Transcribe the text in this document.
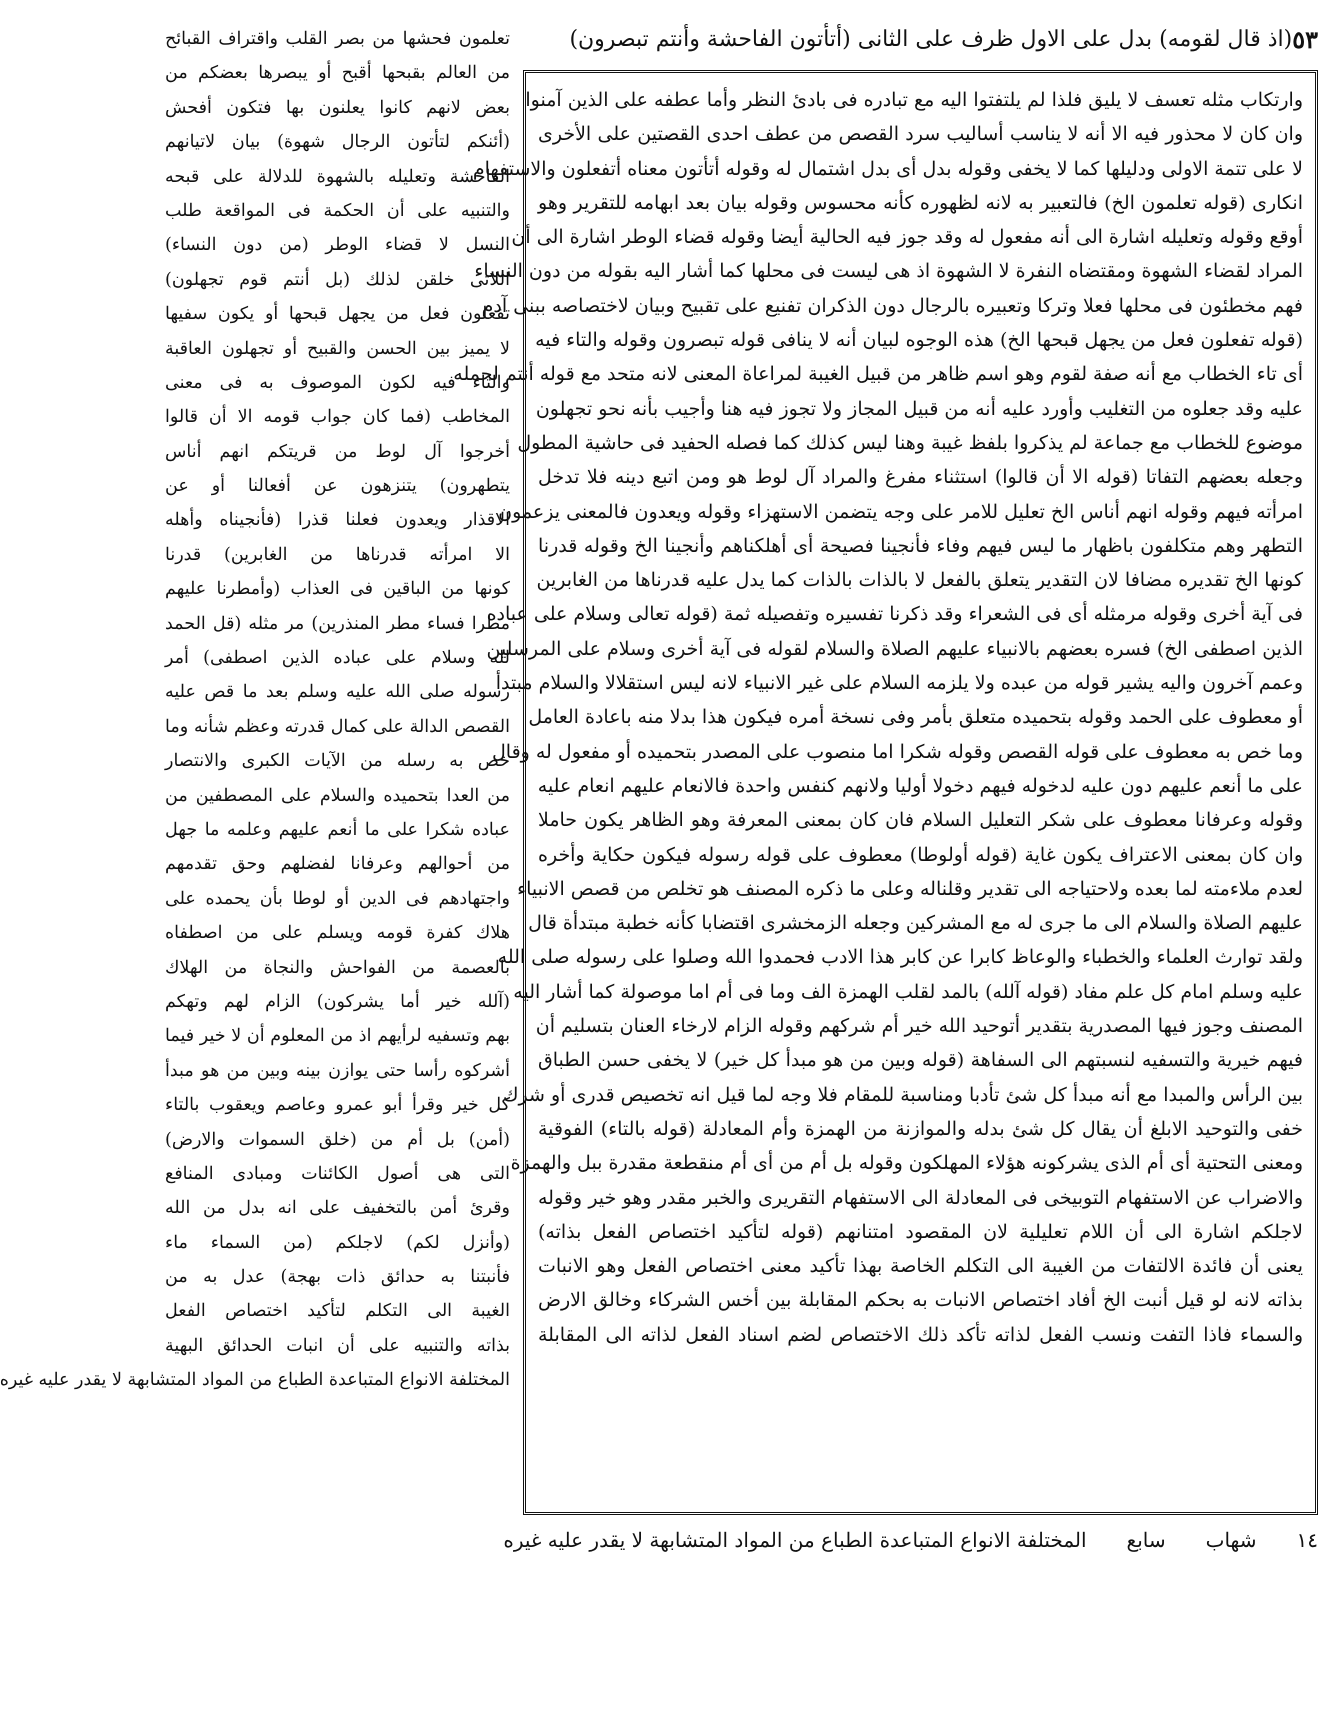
٥٣
(اذ قال لقومه) بدل على الاول ظرف على الثانى (أتأتون الفاحشة وأنتم تبصرون)
تعلمون فحشها من بصر القلب واقتراف القبائح
من العالم بقبحها أقبح أو يبصرها بعضكم من
بعض لانهم كانوا يعلنون بها فتكون أفحش
(أئنكم لتأتون الرجال شهوة) بيان لاتيانهم
الفاحشة وتعليله بالشهوة للدلالة على قبحه
والتنبيه على أن الحكمة فى المواقعة طلب
النسل لا قضاء الوطر (من دون النساء)
اللاتى خلقن لذلك (بل أنتم قوم تجهلون)
تفعلون فعل من يجهل قبحها أو يكون سفيها
لا يميز بين الحسن والقبيح أو تجهلون العاقبة
والتاء فيه لكون الموصوف به فى معنى
المخاطب (فما كان جواب قومه الا أن قالوا
أخرجوا آل لوط من قريتكم انهم أناس
يتطهرون) يتنزهون عن أفعالنا أو عن
الاقذار ويعدون فعلنا قذرا (فأنجيناه وأهله
الا امرأته قدرناها من الغابرين) قدرنا
كونها من الباقين فى العذاب (وأمطرنا عليهم
مطرا فساء مطر المنذرين) مر مثله (قل الحمد
لله وسلام على عباده الذين اصطفى) أمر
رسوله صلى الله عليه وسلم بعد ما قص عليه
القصص الدالة على كمال قدرته وعظم شأنه وما
خص به رسله من الآيات الكبرى والانتصار
من العدا بتحميده والسلام على المصطفين من
عباده شكرا على ما أنعم عليهم وعلمه ما جهل
من أحوالهم وعرفانا لفضلهم وحق تقدمهم
واجتهادهم فى الدين أو لوطا بأن يحمده على
هلاك كفرة قومه ويسلم على من اصطفاه
بالعصمة من الفواحش والنجاة من الهلاك
(آلله خير أما يشركون) الزام لهم وتهكم
بهم وتسفيه لرأيهم اذ من المعلوم أن لا خير فيما
أشركوه رأسا حتى يوازن بينه وبين من هو مبدأ
كل خير وقرأ أبو عمرو وعاصم ويعقوب بالتاء
(أمن) بل أم من (خلق السموات والارض)
التى هى أصول الكائنات ومبادى المنافع
وقرئ أمن بالتخفيف على انه بدل من الله
(وأنزل لكم) لاجلكم (من السماء ماء
فأنبتنا به حدائق ذات بهجة) عدل به من
الغيبة الى التكلم لتأكيد اختصاص الفعل
بذاته والتنبيه على أن انبات الحدائق البهية
المختلفة الانواع المتباعدة الطباع من المواد المتشابهة لا يقدر عليه غيره
وارتكاب مثله تعسف لا يليق فلذا لم يلتفتوا اليه مع تبادره فى بادئ النظر وأما عطفه على الذين آمنوا
وان كان لا محذور فيه الا أنه لا يناسب أساليب سرد القصص من عطف احدى القصتين على الأخرى
لا على تتمة الاولى ودليلها كما لا يخفى وقوله بدل أى بدل اشتمال له وقوله أتأتون معناه أتفعلون والاستفهام
انكارى (قوله تعلمون الخ) فالتعبير به لانه لظهوره كأنه محسوس وقوله بيان بعد ابهامه للتقرير وهو
أوقع وقوله وتعليله اشارة الى أنه مفعول له وقد جوز فيه الحالية أيضا وقوله قضاء الوطر اشارة الى أن
المراد لقضاء الشهوة ومقتضاه النفرة لا الشهوة اذ هى ليست فى محلها كما أشار اليه بقوله من دون النساء
فهم مخطئون فى محلها فعلا وتركا وتعبيره بالرجال دون الذكران تفنيع على تقبيح وبيان لاختصاصه ببنى آدم
(قوله تفعلون فعل من يجهل قبحها الخ) هذه الوجوه لبيان أنه لا ينافى قوله تبصرون وقوله والتاء فيه
أى تاء الخطاب مع أنه صفة لقوم وهو اسم ظاهر من قبيل الغيبة لمراعاة المعنى لانه متحد مع قوله أنتم لحمله
عليه وقد جعلوه من التغليب وأورد عليه أنه من قبيل المجاز ولا تجوز فيه هنا وأجيب بأنه نحو تجهلون
موضوع للخطاب مع جماعة لم يذكروا بلفظ غيبة وهنا ليس كذلك كما فصله الحفيد فى حاشية المطول
وجعله بعضهم التفاتا (قوله الا أن قالوا) استثناء مفرغ والمراد آل لوط هو ومن اتبع دينه فلا تدخل
امرأته فيهم وقوله انهم أناس الخ تعليل للامر على وجه يتضمن الاستهزاء وقوله ويعدون فالمعنى يزعمون
التطهر وهم متكلفون باظهار ما ليس فيهم وفاء فأنجينا فصيحة أى أهلكناهم وأنجينا الخ وقوله قدرنا
كونها الخ تقديره مضافا لان التقدير يتعلق بالفعل لا بالذات بالذات كما يدل عليه قدرناها من الغابرين
فى آية أخرى وقوله مرمثله أى فى الشعراء وقد ذكرنا تفسيره وتفصيله ثمة (قوله تعالى وسلام على عباده
الذين اصطفى الخ) فسره بعضهم بالانبياء عليهم الصلاة والسلام لقوله فى آية أخرى وسلام على المرسلين
وعمم آخرون واليه يشير قوله من عبده ولا يلزمه السلام على غير الانبياء لانه ليس استقلالا والسلام مبتدأ
أو معطوف على الحمد وقوله بتحميده متعلق بأمر وفى نسخة أمره فيكون هذا بدلا منه باعادة العامل
وما خص به معطوف على قوله القصص وقوله شكرا اما منصوب على المصدر بتحميده أو مفعول له وقال
على ما أنعم عليهم دون عليه لدخوله فيهم دخولا أوليا ولانهم كنفس واحدة فالانعام عليهم انعام عليه
وقوله وعرفانا معطوف على شكر التعليل السلام فان كان بمعنى المعرفة وهو الظاهر يكون حاملا
وان كان بمعنى الاعتراف يكون غاية (قوله أولوطا) معطوف على قوله رسوله فيكون حكاية وأخره
لعدم ملاءمته لما بعده ولاحتياجه الى تقدير وقلناله وعلى ما ذكره المصنف هو تخلص من قصص الانبياء
عليهم الصلاة والسلام الى ما جرى له مع المشركين وجعله الزمخشرى اقتضابا كأنه خطبة مبتدأة قال
ولقد توارث العلماء والخطباء والوعاظ كابرا عن كابر هذا الادب فحمدوا الله وصلوا على رسوله صلى الله
عليه وسلم امام كل علم مفاد (قوله آلله) بالمد لقلب الهمزة الف وما فى أم اما موصولة كما أشار اليه
المصنف وجوز فيها المصدرية بتقدير أتوحيد الله خير أم شركهم وقوله الزام لارخاء العنان بتسليم أن
فيهم خيرية والتسفيه لنسبتهم الى السفاهة (قوله وبين من هو مبدأ كل خير) لا يخفى حسن الطباق
بين الرأس والمبدا مع أنه مبدأ كل شئ تأدبا ومناسبة للمقام فلا وجه لما قيل انه تخصيص قدرى أو شرك
خفى والتوحيد الابلغ أن يقال كل شئ بدله والموازنة من الهمزة وأم المعادلة (قوله بالتاء) الفوقية
ومعنى التحتية أى أم الذى يشركونه هؤلاء المهلكون وقوله بل أم من أى أم منقطعة مقدرة ببل والهمزة
والاضراب عن الاستفهام التوبيخى فى المعادلة الى الاستفهام التقريرى والخبر مقدر وهو خير وقوله
لاجلكم اشارة الى أن اللام تعليلية لان المقصود امتنانهم (قوله لتأكيد اختصاص الفعل بذاته)
يعنى أن فائدة الالتفات من الغيبة الى التكلم الخاصة بهذا تأكيد معنى اختصاص الفعل وهو الانبات
بذاته لانه لو قيل أنبت الخ أفاد اختصاص الانبات به بحكم المقابلة بين أخس الشركاء وخالق الارض
والسماء فاذا التفت ونسب الفعل لذاته تأكد ذلك الاختصاص لضم اسناد الفعل لذاته الى المقابلة
١٤
شهاب
سابع
المختلفة الانواع المتباعدة الطباع من المواد المتشابهة لا يقدر عليه غيره
